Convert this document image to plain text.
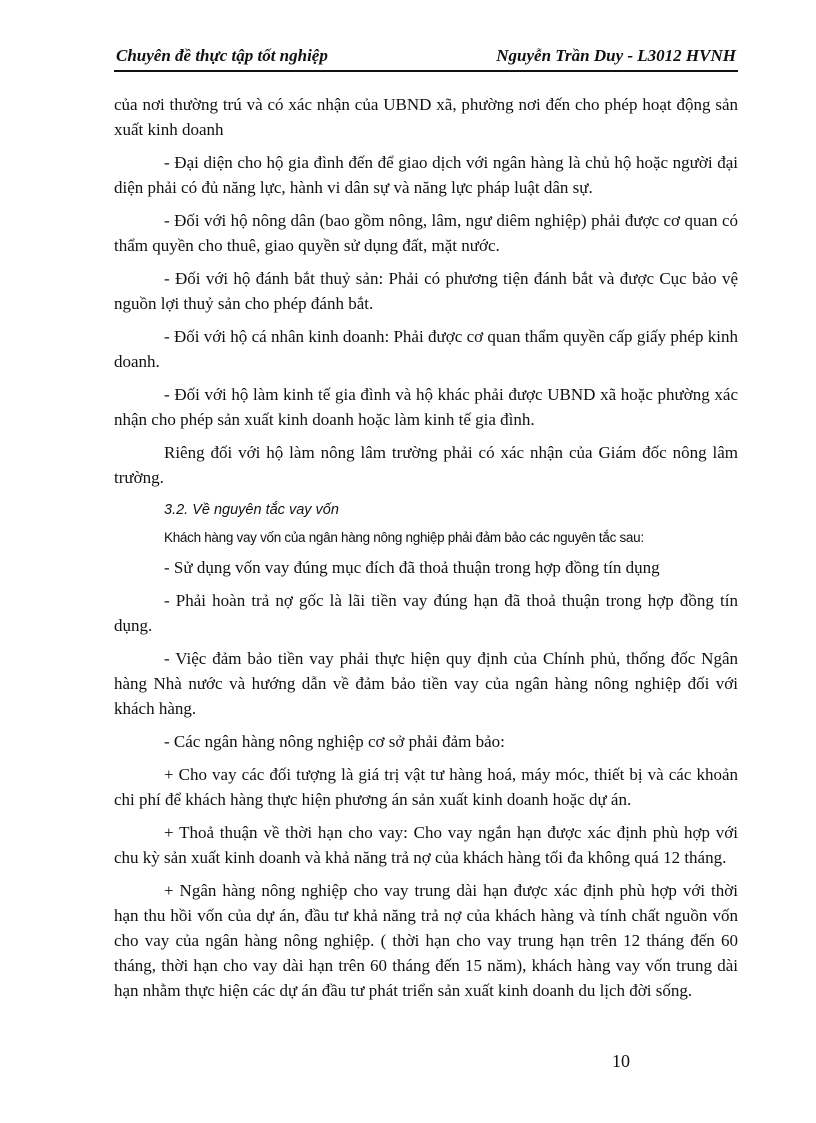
Chuyên đề thực tập tốt nghiệp	Nguyễn Trần Duy - L3012 HVNH

của nơi thường trú và có xác nhận của UBND xã, phường nơi đến cho phép hoạt động sản xuất kinh doanh

- Đại diện cho hộ gia đình đến để giao dịch với ngân hàng là chủ hộ hoặc người đại diện phải có đủ năng lực, hành vi dân sự và năng lực pháp luật dân sự.

- Đối với hộ nông dân (bao gồm nông, lâm, ngư diêm nghiệp) phải được cơ quan có thẩm quyền cho thuê, giao quyền sử dụng đất, mặt nước.

- Đối với hộ đánh bắt thuỷ sản: Phải có phương tiện đánh bắt và được Cục bảo vệ nguồn lợi thuỷ sản cho phép đánh bắt.

- Đối với hộ cá nhân kinh doanh: Phải được cơ quan thẩm quyền cấp giấy phép kinh doanh.

- Đối với hộ làm kinh tế gia đình và hộ khác phải được UBND xã hoặc phường xác nhận cho phép sản xuất kinh doanh hoặc làm kinh tế gia đình.

Riêng đối với hộ làm nông lâm trường phải có xác nhận của Giám đốc nông lâm trường.

3.2. Về nguyên tắc vay vốn
Khách hàng vay vốn của ngân hàng nông nghiệp phải đảm bảo các nguyên tắc sau:

- Sử dụng vốn vay đúng mục đích đã thoả thuận trong hợp đồng tín dụng

- Phải hoàn trả nợ gốc là lãi tiền vay đúng hạn đã thoả thuận trong hợp đồng tín dụng.

- Việc đảm bảo tiền vay phải thực hiện quy định của Chính phủ, thống đốc Ngân hàng Nhà nước và hướng dẫn về đảm bảo tiền vay của ngân hàng nông nghiệp đối với khách hàng.

- Các ngân hàng nông nghiệp cơ sở phải đảm bảo:

+ Cho vay các đối tượng là giá trị vật tư hàng hoá, máy móc, thiết bị và các khoản chi phí để khách hàng thực hiện phương án sản xuất kinh doanh hoặc dự án.

+ Thoả thuận về thời hạn cho vay: Cho vay ngắn hạn được xác định phù hợp với chu kỳ sản xuất kinh doanh và khả năng trả nợ của khách hàng tối đa không quá 12 tháng.

+ Ngân hàng nông nghiệp cho vay trung dài hạn được xác định phù hợp với thời hạn thu hồi vốn của dự án, đầu tư khả năng trả nợ của khách hàng và tính chất nguồn vốn cho vay của ngân hàng nông nghiệp. ( thời hạn cho vay trung hạn trên 12 tháng đến 60 tháng, thời hạn cho vay dài hạn trên 60 tháng đến 15 năm), khách hàng vay vốn trung dài hạn nhằm thực hiện các dự án đầu tư phát triển sản xuất kinh doanh du lịch đời sống.

10
